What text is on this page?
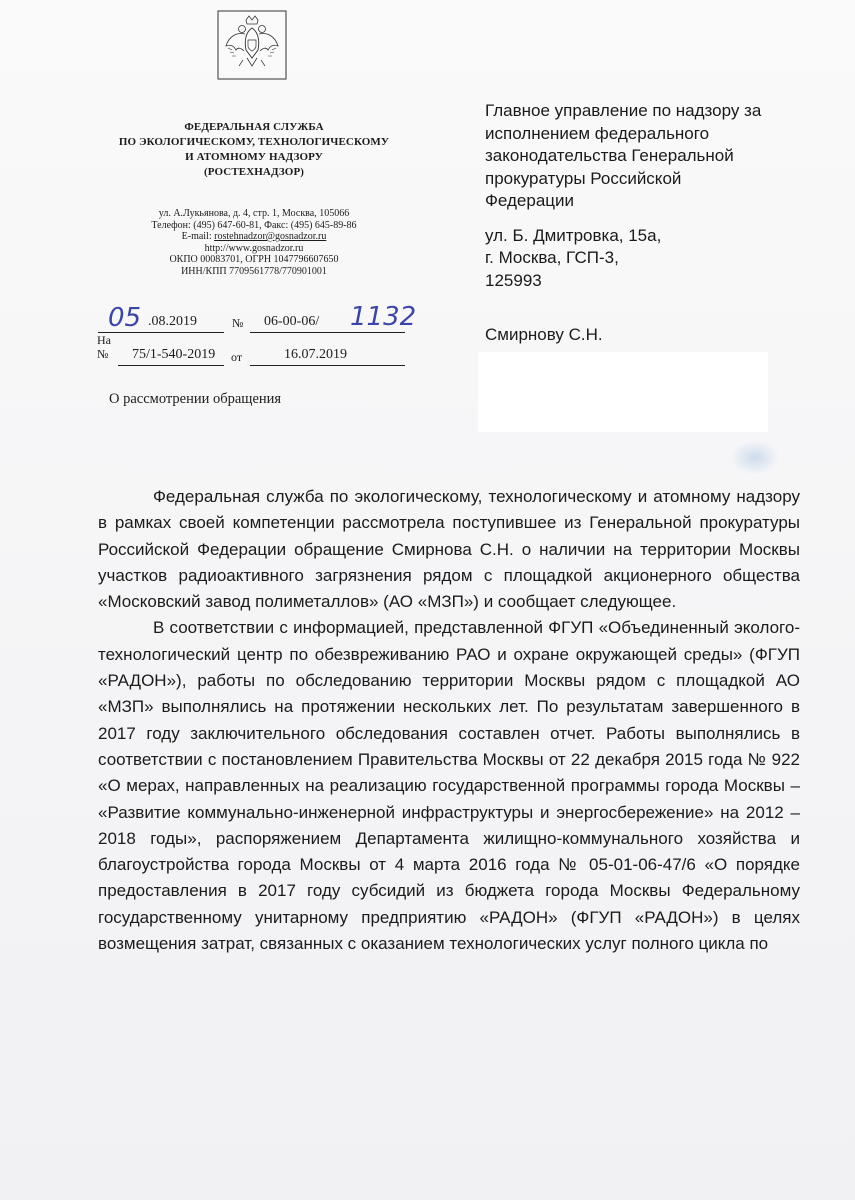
ФЕДЕРАЛЬНАЯ СЛУЖБА
ПО ЭКОЛОГИЧЕСКОМУ, ТЕХНОЛОГИЧЕСКОМУ
И АТОМНОМУ НАДЗОРУ
(РОСТЕХНАДЗОР)
ул. А.Лукьянова, д. 4, стр. 1, Москва, 105066
Телефон: (495) 647-60-81, Факс: (495) 645-89-86
E-mail: rostehnadzor@gosnadzor.ru
http://www.gosnadzor.ru
ОКПО 00083701, ОГРН 1047796607650
ИНН/КПП 7709561778/770901001
05 .08.2019	№ 06-00-06/ 1132
На
№ 75/1-540-2019 от	16.07.2019
О рассмотрении обращения
Главное управление по надзору за
исполнением федерального
законодательства Генеральной
прокуратуры Российской
Федерации
ул. Б. Дмитровка, 15а,
г. Москва, ГСП-3,
125993
Смирнову С.Н.

Федеральная служба по экологическому, технологическому и атомному надзору в рамках своей компетенции рассмотрела поступившее из Генеральной прокуратуры Российской Федерации обращение Смирнова С.Н. о наличии на территории Москвы участков радиоактивного загрязнения рядом с площадкой акционерного общества «Московский завод полиметаллов» (АО «МЗП») и сообщает следующее.

В соответствии с информацией, представленной ФГУП «Объединенный эколого-технологический центр по обезвреживанию РАО и охране окружающей среды» (ФГУП «РАДОН»), работы по обследованию территории Москвы рядом с площадкой АО «МЗП» выполнялись на протяжении нескольких лет. По результатам завершенного в 2017 году заключительного обследования составлен отчет. Работы выполнялись в соответствии с постановлением Правительства Москвы от 22 декабря 2015 года № 922 «О мерах, направленных на реализацию государственной программы города Москвы – «Развитие коммунально-инженерной инфраструктуры и энергосбережение» на 2012 – 2018 годы», распоряжением Департамента жилищно-коммунального хозяйства и благоустройства города Москвы от 4 марта 2016 года № 05-01-06-47/6 «О порядке предоставления в 2017 году субсидий из бюджета города Москвы Федеральному государственному унитарному предприятию «РАДОН» (ФГУП «РАДОН») в целях возмещения затрат, связанных с оказанием технологических услуг полного цикла по
